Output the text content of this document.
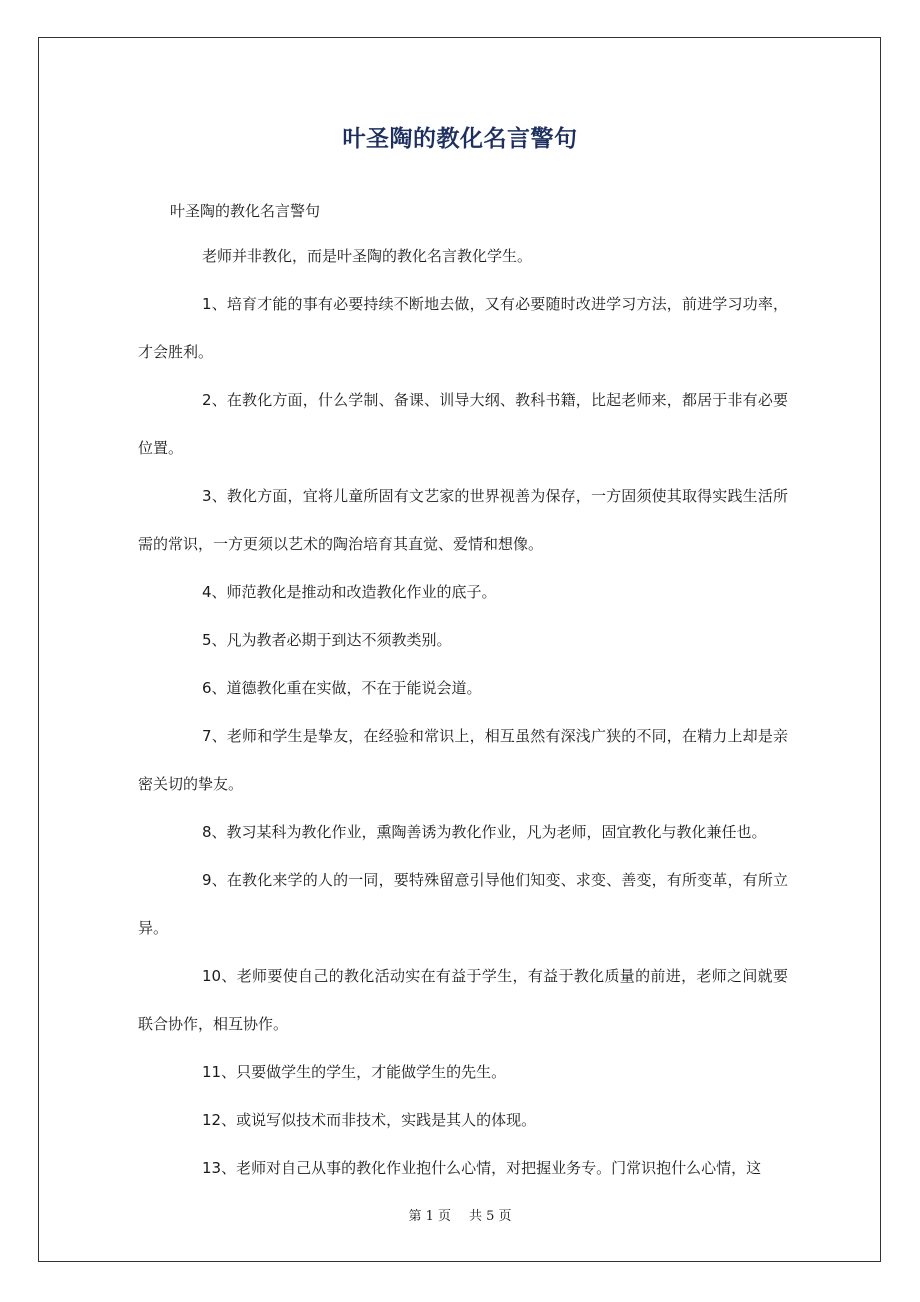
叶圣陶的教化名言警句

叶圣陶的教化名言警句

老师并非教化，而是叶圣陶的教化名言教化学生。

1、培育才能的事有必要持续不断地去做，又有必要随时改进学习方法，前进学习功率，才会胜利。

2、在教化方面，什么学制、备课、训导大纲、教科书籍，比起老师来，都居于非有必要位置。

3、教化方面，宜将儿童所固有文艺家的世界视善为保存，一方固须使其取得实践生活所需的常识，一方更须以艺术的陶治培育其直觉、爱情和想像。

4、师范教化是推动和改造教化作业的底子。

5、凡为教者必期于到达不须教类别。

6、道德教化重在实做，不在于能说会道。

7、老师和学生是挚友，在经验和常识上，相互虽然有深浅广狭的不同，在精力上却是亲密关切的挚友。

8、教习某科为教化作业，熏陶善诱为教化作业，凡为老师，固宜教化与教化兼任也。

9、在教化来学的人的一同，要特殊留意引导他们知变、求变、善变，有所变革，有所立异。

10、老师要使自己的教化活动实在有益于学生，有益于教化质量的前进，老师之间就要联合协作，相互协作。

11、只要做学生的学生，才能做学生的先生。

12、或说写似技术而非技术，实践是其人的体现。

13、老师对自己从事的教化作业抱什么心情，对把握业务专。门常识抱什么心情，这

第 1 页 共 5 页
